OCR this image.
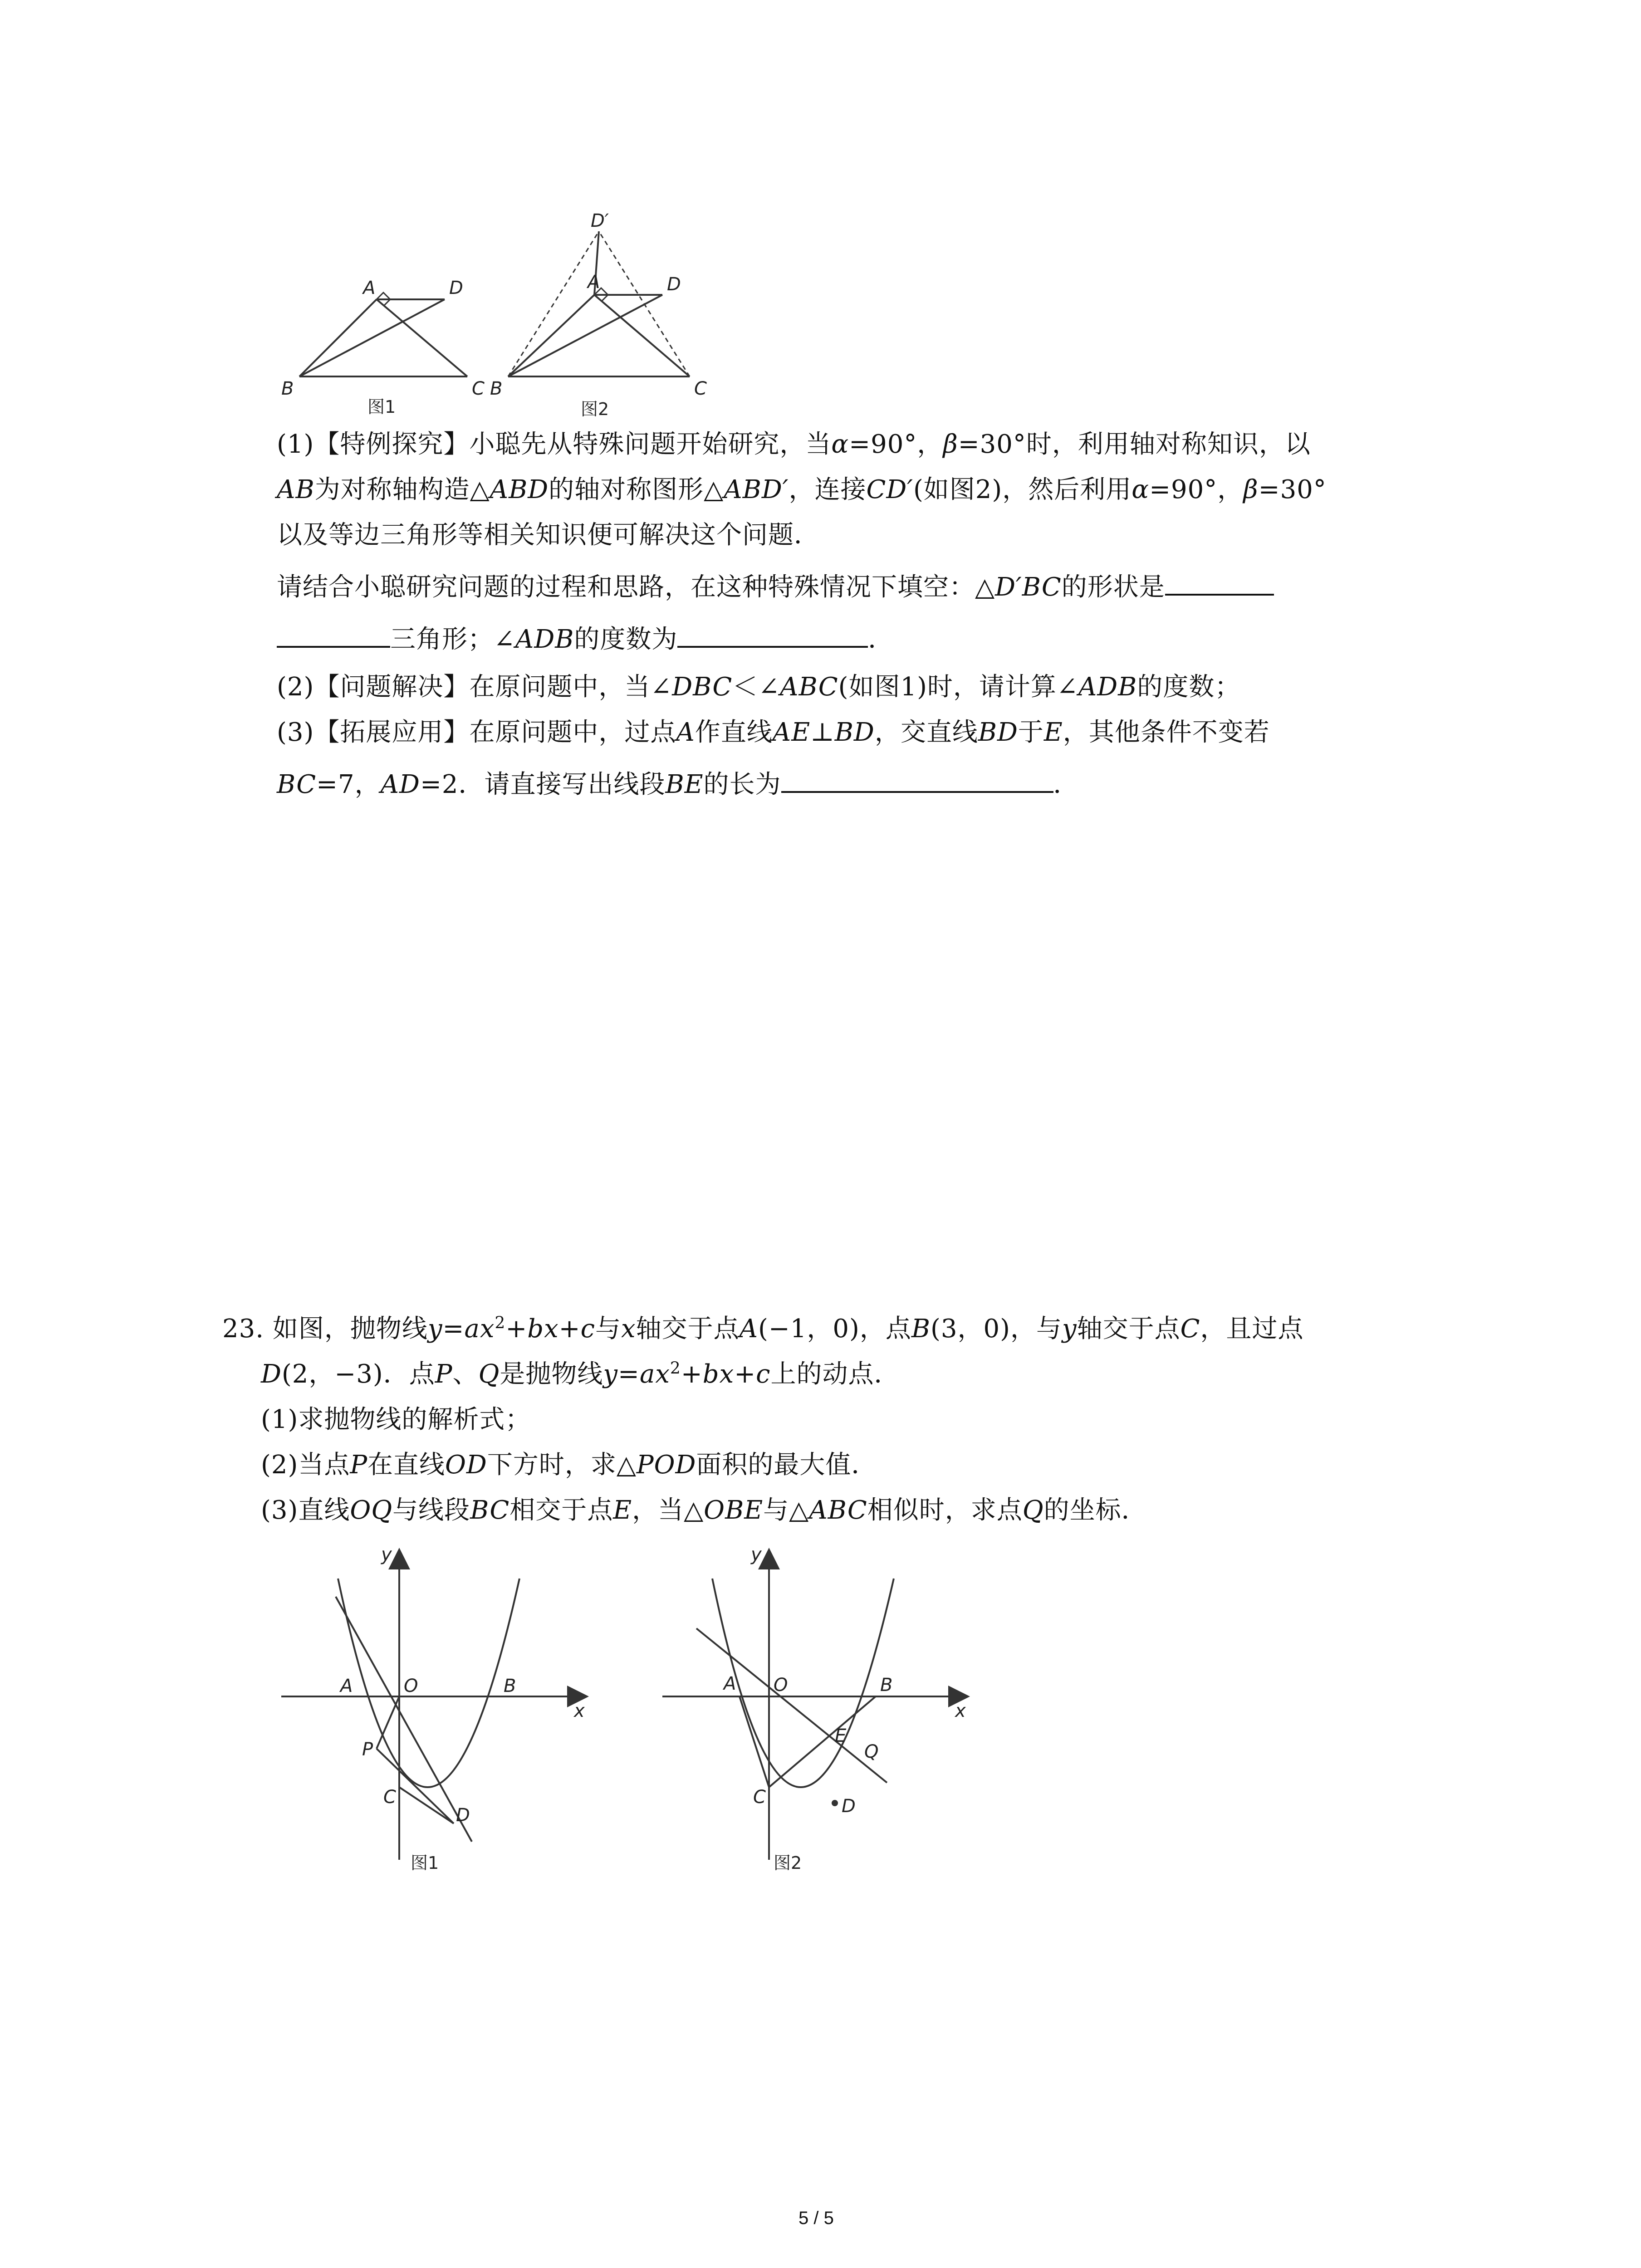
A	D
B	C
图1
D′
A	D
B	C
图2
(1)【特例探究】小聪先从特殊问题开始研究，当α=90°，β=30°时，利用轴对称知识，以
AB为对称轴构造△ABD的轴对称图形△ABD′，连接CD′(如图2)，然后利用α=90°，β=30°
以及等边三角形等相关知识便可解决这个问题．
请结合小聪研究问题的过程和思路，在这种特殊情况下填空：△D′BC的形状是
三角形；∠ADB的度数为	．
(2)【问题解决】在原问题中，当∠DBC＜∠ABC(如图1)时，请计算∠ADB的度数；
(3)【拓展应用】在原问题中，过点A作直线AE⊥BD，交直线BD于E，其他条件不变若
BC=7，AD=2．请直接写出线段BE的长为	．
23. 如图，抛物线$y=ax^2+bx+c$与x轴交于点A(−1，0)，点B(3，0)，与y轴交于点C，且过点
D(2，−3)．点P、Q是抛物线$y=ax^2+bx+c$上的动点．
(1)求抛物线的解析式；
(2)当点P在直线OD下方时，求△POD面积的最大值．
(3)直线OQ与线段BC相交于点E，当△OBE与△ABC相似时，求点Q的坐标．
y
x
A	O	B
P
C
D
图1
y
x
A O	B
E
Q
C	D
图2
5 / 5
